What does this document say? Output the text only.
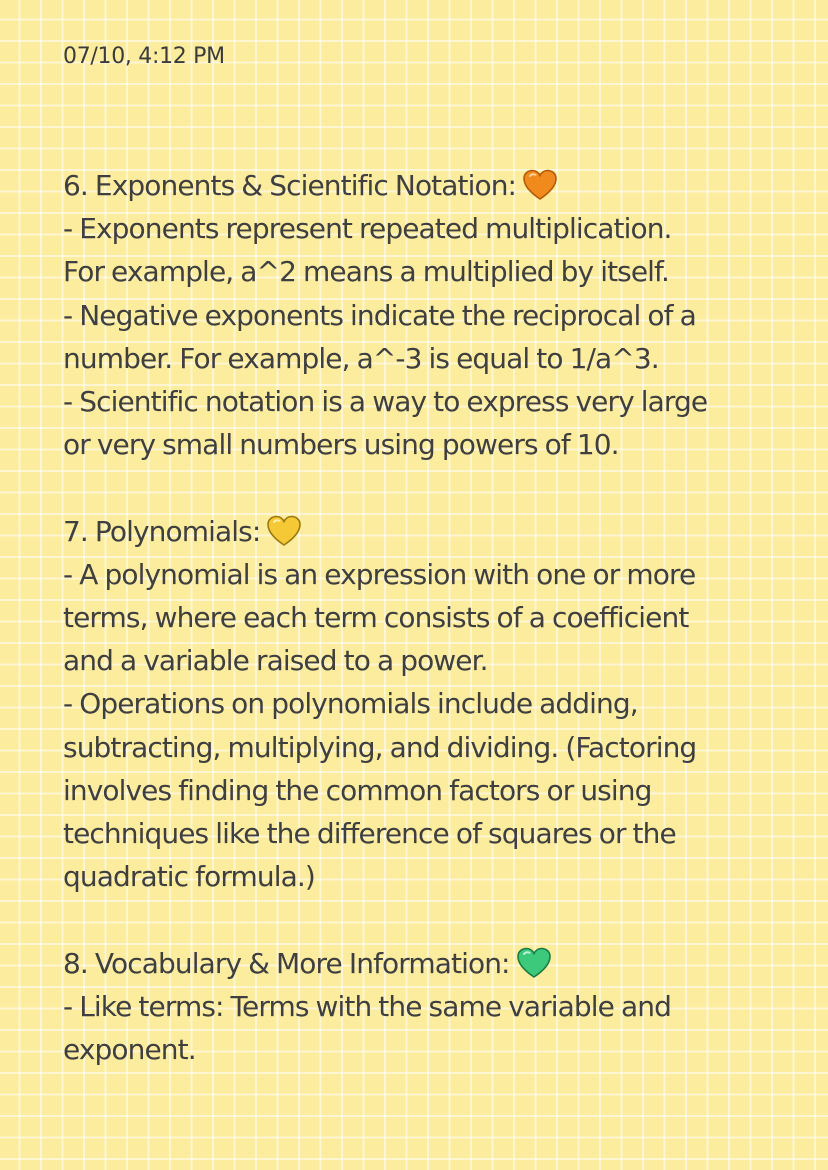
07/10, 4:12 PM
6. Exponents & Scientific Notation:
- Exponents represent repeated multiplication.
For example, a^2 means a multiplied by itself.
- Negative exponents indicate the reciprocal of a
number. For example, a^-3 is equal to 1/a^3.
- Scientific notation is a way to express very large
or very small numbers using powers of 10.
7. Polynomials:
- A polynomial is an expression with one or more
terms, where each term consists of a coefficient
and a variable raised to a power.
- Operations on polynomials include adding,
subtracting, multiplying, and dividing. (Factoring
involves finding the common factors or using
techniques like the difference of squares or the
quadratic formula.)
8. Vocabulary & More Information:
- Like terms: Terms with the same variable and
exponent.
